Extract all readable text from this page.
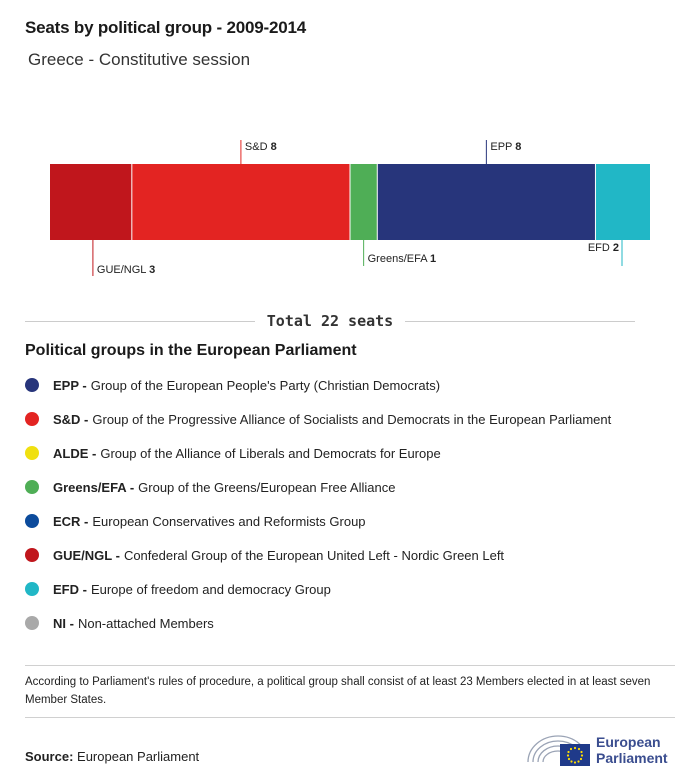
Seats by political group - 2009-2014
Greece - Constitutive session
GUE/NGL 3
S&D 8
Greens/EFA 1
EPP 8
EFD 2
Total 22 seats
Political groups in the European Parliament
EPP - Group of the European People's Party (Christian Democrats)
S&D - Group of the Progressive Alliance of Socialists and Democrats in the European Parliament
ALDE - Group of the Alliance of Liberals and Democrats for Europe
Greens/EFA - Group of the Greens/European Free Alliance
ECR - European Conservatives and Reformists Group
GUE/NGL - Confederal Group of the European United Left - Nordic Green Left
EFD - Europe of freedom and democracy Group
NI - Non-attached Members
According to Parliament's rules of procedure, a political group shall consist of at least 23 Members elected in at least seven Member States.
Source: European Parliament
European
Parliament
